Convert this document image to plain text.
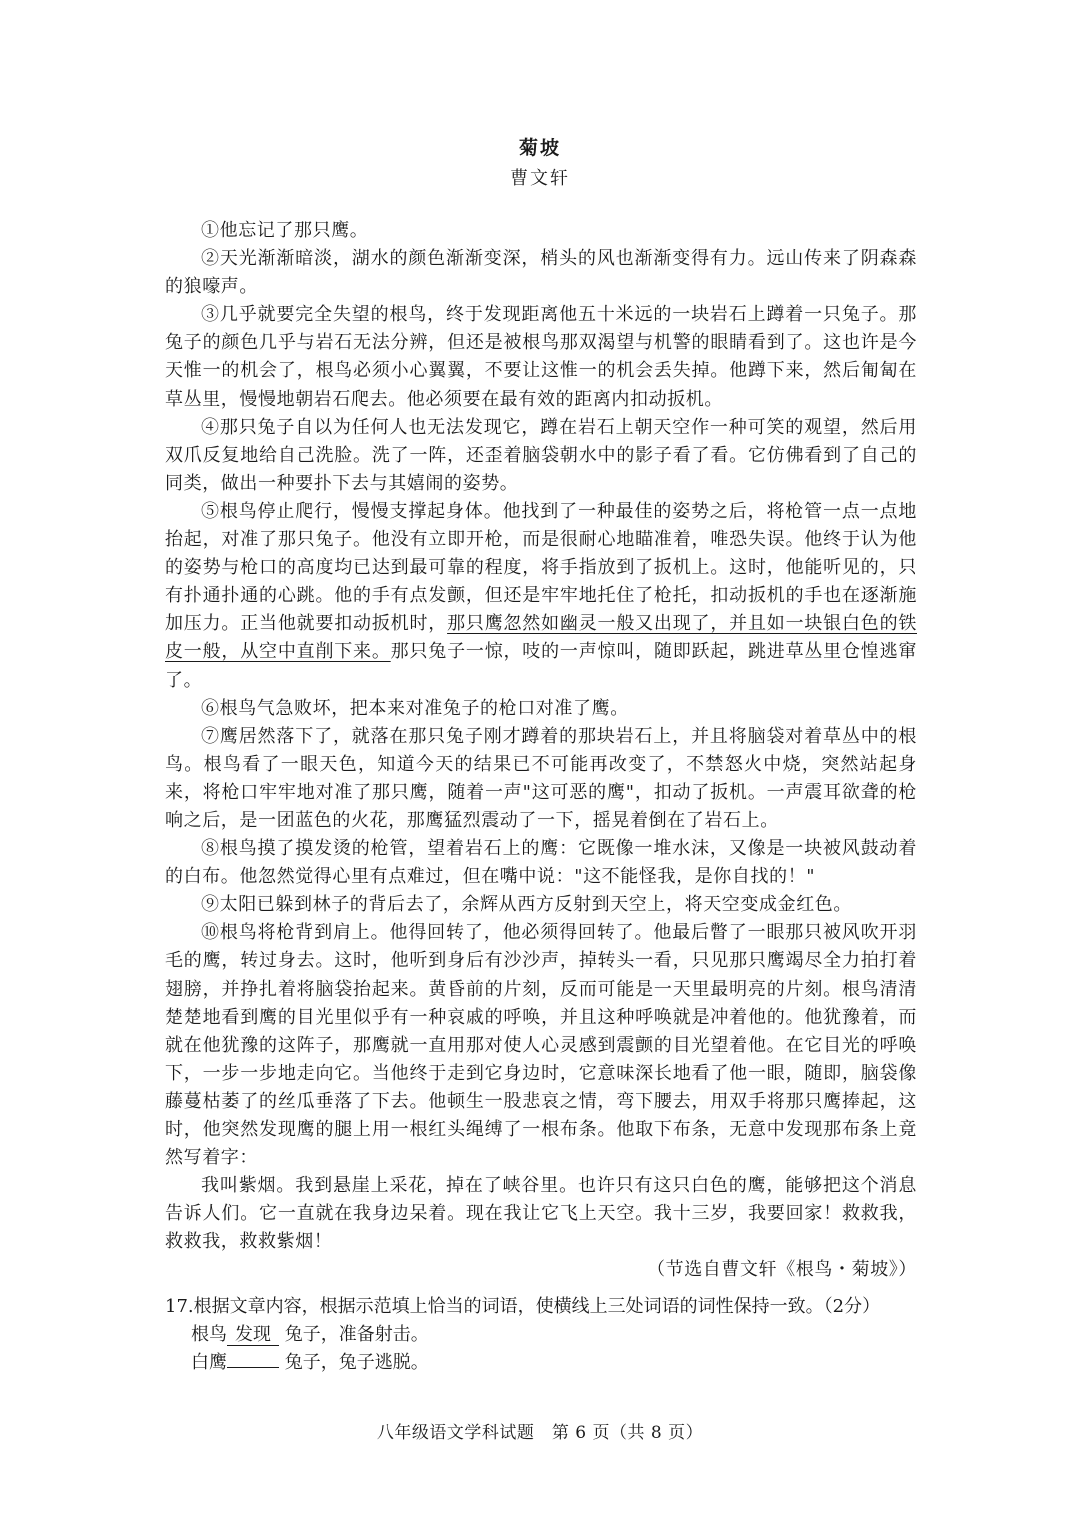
菊坡
曹文轩

①他忘记了那只鹰。

②天光渐渐暗淡，湖水的颜色渐渐变深，梢头的风也渐渐变得有力。远山传来了阴森森的狼嚎声。

③几乎就要完全失望的根鸟，终于发现距离他五十米远的一块岩石上蹲着一只兔子。那兔子的颜色几乎与岩石无法分辨，但还是被根鸟那双渴望与机警的眼睛看到了。这也许是今天惟一的机会了，根鸟必须小心翼翼，不要让这惟一的机会丢失掉。他蹲下来，然后匍匐在草丛里，慢慢地朝岩石爬去。他必须要在最有效的距离内扣动扳机。

④那只兔子自以为任何人也无法发现它，蹲在岩石上朝天空作一种可笑的观望，然后用双爪反复地给自己洗脸。洗了一阵，还歪着脑袋朝水中的影子看了看。它仿佛看到了自己的同类，做出一种要扑下去与其嬉闹的姿势。

⑤根鸟停止爬行，慢慢支撑起身体。他找到了一种最佳的姿势之后，将枪管一点一点地抬起，对准了那只兔子。他没有立即开枪，而是很耐心地瞄准着，唯恐失误。他终于认为他的姿势与枪口的高度均已达到最可靠的程度，将手指放到了扳机上。这时，他能听见的，只有扑通扑通的心跳。他的手有点发颤，但还是牢牢地托住了枪托，扣动扳机的手也在逐渐施加压力。正当他就要扣动扳机时，那只鹰忽然如幽灵一般又出现了，并且如一块银白色的铁皮一般，从空中直削下来。那只兔子一惊，吱的一声惊叫，随即跃起，跳进草丛里仓惶逃窜了。

⑥根鸟气急败坏，把本来对准兔子的枪口对准了鹰。

⑦鹰居然落下了，就落在那只兔子刚才蹲着的那块岩石上，并且将脑袋对着草丛中的根鸟。根鸟看了一眼天色，知道今天的结果已不可能再改变了，不禁怒火中烧，突然站起身来，将枪口牢牢地对准了那只鹰，随着一声"这可恶的鹰"，扣动了扳机。一声震耳欲聋的枪响之后，是一团蓝色的火花，那鹰猛烈震动了一下，摇晃着倒在了岩石上。

⑧根鸟摸了摸发烫的枪管，望着岩石上的鹰：它既像一堆水沫，又像是一块被风鼓动着的白布。他忽然觉得心里有点难过，但在嘴中说："这不能怪我，是你自找的！"

⑨太阳已躲到林子的背后去了，余辉从西方反射到天空上，将天空变成金红色。

⑩根鸟将枪背到肩上。他得回转了，他必须得回转了。他最后瞥了一眼那只被风吹开羽毛的鹰，转过身去。这时，他听到身后有沙沙声，掉转头一看，只见那只鹰竭尽全力拍打着翅膀，并挣扎着将脑袋抬起来。黄昏前的片刻，反而可能是一天里最明亮的片刻。根鸟清清楚楚地看到鹰的目光里似乎有一种哀戚的呼唤，并且这种呼唤就是冲着他的。他犹豫着，而就在他犹豫的这阵子，那鹰就一直用那对使人心灵感到震颤的目光望着他。在它目光的呼唤下，一步一步地走向它。当他终于走到它身边时，它意味深长地看了他一眼，随即，脑袋像藤蔓枯萎了的丝瓜垂落了下去。他顿生一股悲哀之情，弯下腰去，用双手将那只鹰捧起，这时，他突然发现鹰的腿上用一根红头绳缚了一根布条。他取下布条，无意中发现那布条上竟然写着字：

我叫紫烟。我到悬崖上采花，掉在了峡谷里。也许只有这只白色的鹰，能够把这个消息告诉人们。它一直就在我身边呆着。现在我让它飞上天空。我十三岁，我要回家！救救我，救救我，救救紫烟！

（节选自曹文轩《根鸟・菊坡》）

17.根据文章内容，根据示范填上恰当的词语，使横线上三处词语的词性保持一致。（2分）

根鸟 发现 兔子，准备射击。

白鹰	兔子，兔子逃脱。

八年级语文学科试题　第 6 页（共 8 页）
